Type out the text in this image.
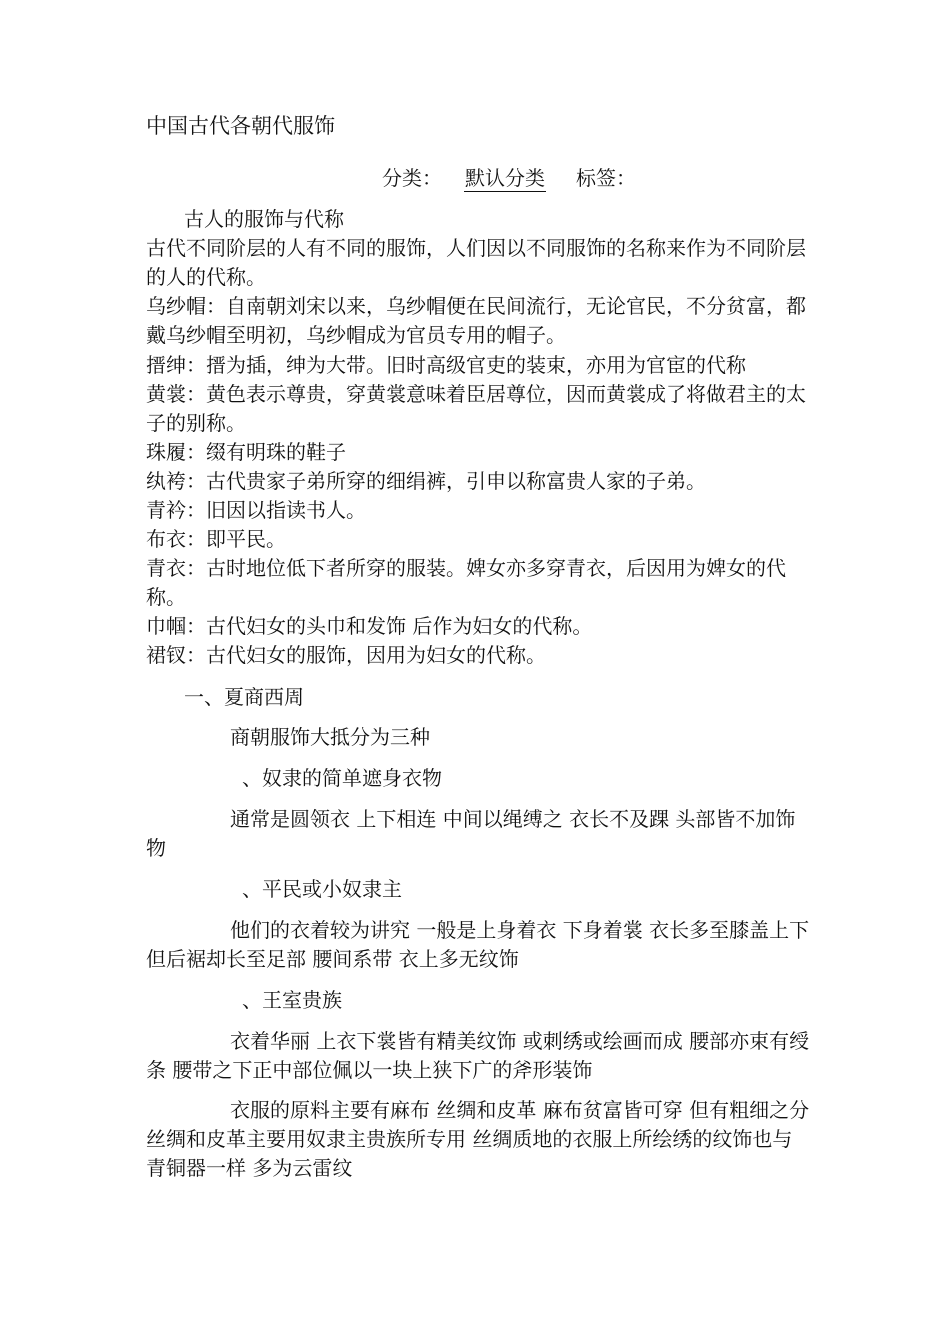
中国古代各朝代服饰
分类： 默认分类 标签：

古人的服饰与代称

古代不同阶层的人有不同的服饰，人们因以不同服饰的名称来作为不同阶层的人的代称。

乌纱帽：自南朝刘宋以来，乌纱帽便在民间流行，无论官民，不分贫富，都戴乌纱帽至明初，乌纱帽成为官员专用的帽子。

搢绅：搢为插，绅为大带。旧时高级官吏的装束，亦用为官宦的代称

黄裳：黄色表示尊贵，穿黄裳意味着臣居尊位，因而黄裳成了将做君主的太子的别称。

珠履：缀有明珠的鞋子

纨袴：古代贵家子弟所穿的细绢裤，引申以称富贵人家的子弟。

青衿：旧因以指读书人。

布衣：即平民。

青衣：古时地位低下者所穿的服装。婢女亦多穿青衣，后因用为婢女的代称。

巾帼：古代妇女的头巾和发饰 后作为妇女的代称。

裙钗：古代妇女的服饰，因用为妇女的代称。

一、夏商西周

商朝服饰大抵分为三种

、奴隶的简单遮身衣物

通常是圆领衣 上下相连 中间以绳缚之 衣长不及踝 头部皆不加饰物

、平民或小奴隶主

他们的衣着较为讲究 一般是上身着衣 下身着裳 衣长多至膝盖上下 但后裾却长至足部 腰间系带 衣上多无纹饰

、王室贵族

衣着华丽 上衣下裳皆有精美纹饰 或刺绣或绘画而成 腰部亦束有绶条 腰带之下正中部位佩以一块上狭下广的斧形装饰

衣服的原料主要有麻布 丝绸和皮革 麻布贫富皆可穿 但有粗细之分 丝绸和皮革主要用奴隶主贵族所专用 丝绸质地的衣服上所绘绣的纹饰也与青铜器一样 多为云雷纹
